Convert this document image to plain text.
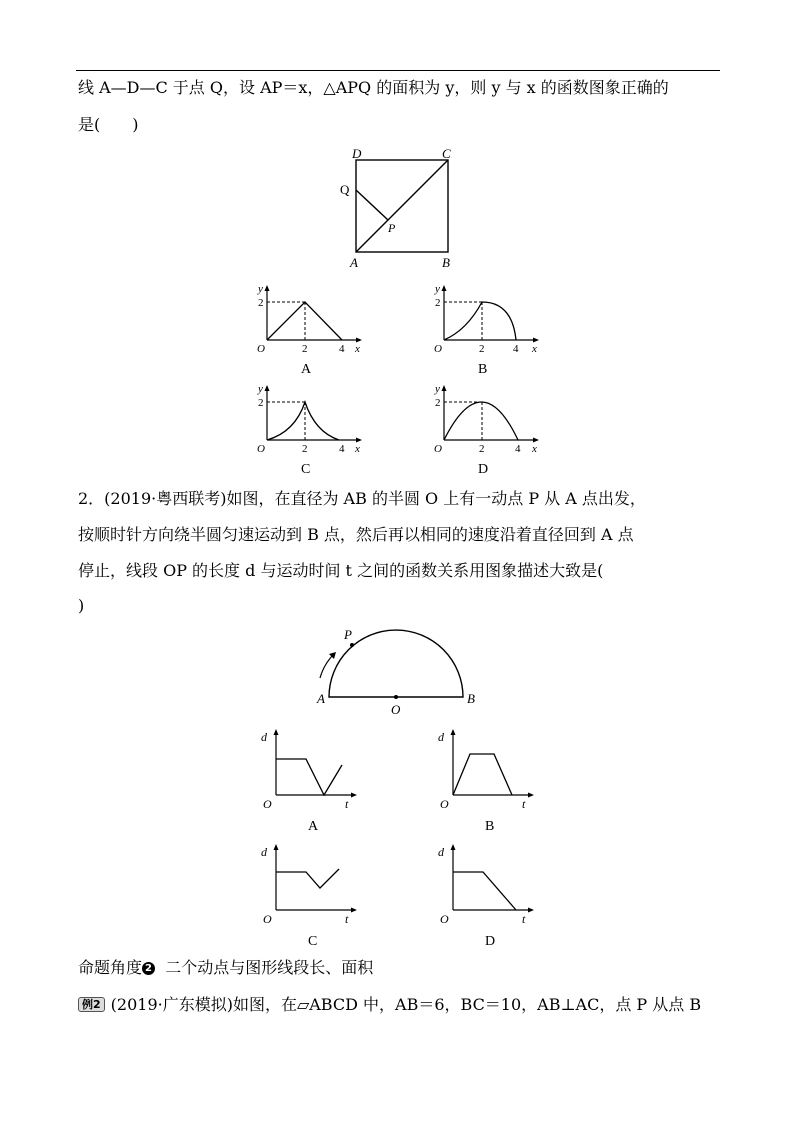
线 A—D—C 于点 Q，设 AP＝x，△APQ 的面积为 y，则 y 与 x 的函数图象正确的
是(　　)
D	C
Q
P
A	B
y
2
O	2	4 x
A
y
2
O	2	4 x
B
y
2
O	2	4 x
C
y
2
O	2	4 x
D
2．(2019·粤西联考)如图，在直径为 AB 的半圆 O 上有一动点 P 从 A 点出发，
按顺时针方向绕半圆匀速运动到 B 点，然后再以相同的速度沿着直径回到 A 点
停止，线段 OP 的长度 d 与运动时间 t 之间的函数关系用图象描述大致是(
)
P
A
O
B
d
O	t
A
d
O	t
B
d
O	t
C
d
O	t
D
命题角度 2 二个动点与图形线段长、面积
例2 (2019·广东模拟)如图，在▱ABCD 中，AB＝6，BC＝10，AB⊥AC，点 P 从点 B
